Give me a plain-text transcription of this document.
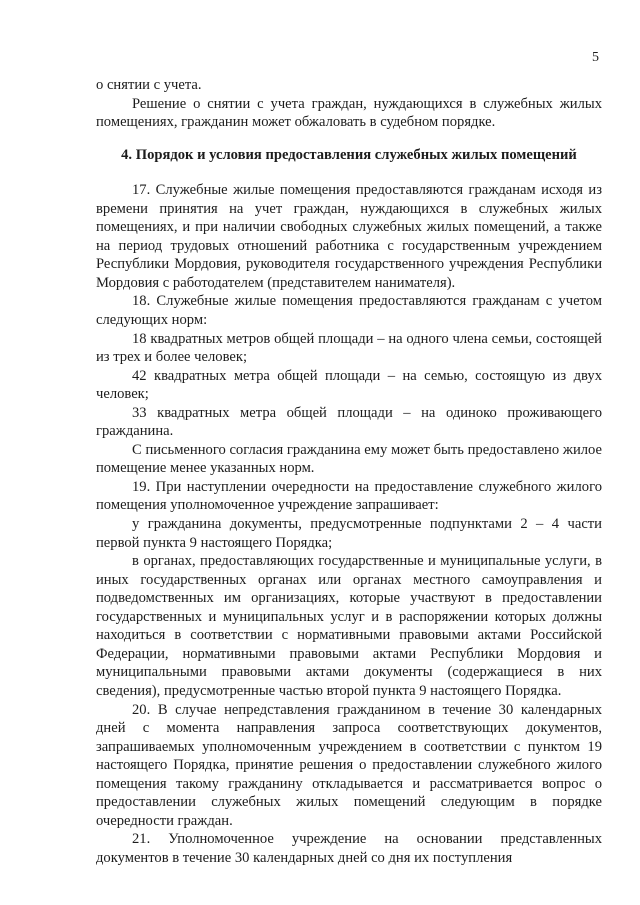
5

о снятии с учета.

Решение о снятии с учета граждан, нуждающихся в служебных жилых помещениях, гражданин может обжаловать в судебном порядке.

4. Порядок и условия предоставления служебных жилых помещений

17. Служебные жилые помещения предоставляются гражданам исходя из времени принятия на учет граждан, нуждающихся в служебных жилых помещениях, и при наличии свободных служебных жилых помещений, а также на период трудовых отношений работника с государственным учреждением Республики Мордовия, руководителя государственного учреждения Республики Мордовия с работодателем (представителем нанимателя).

18. Служебные жилые помещения предоставляются гражданам с учетом следующих норм:

18 квадратных метров общей площади – на одного члена семьи, состоящей из трех и более человек;

42 квадратных метра общей площади – на семью, состоящую из двух человек;

33 квадратных метра общей площади – на одиноко проживающего гражданина.

С письменного согласия гражданина ему может быть предоставлено жилое помещение менее указанных норм.

19. При наступлении очередности на предоставление служебного жилого помещения уполномоченное учреждение запрашивает:

у гражданина документы, предусмотренные подпунктами 2 – 4 части первой пункта 9 настоящего Порядка;

в органах, предоставляющих государственные и муниципальные услуги, в иных государственных органах или органах местного самоуправления и подведомственных им организациях, которые участвуют в предоставлении государственных и муниципальных услуг и в распоряжении которых должны находиться в соответствии с нормативными правовыми актами Российской Федерации, нормативными правовыми актами Республики Мордовия и муниципальными правовыми актами документы (содержащиеся в них сведения), предусмотренные частью второй пункта 9 настоящего Порядка.

20. В случае непредставления гражданином в течение 30 календарных дней с момента направления запроса соответствующих документов, запрашиваемых уполномоченным учреждением в соответствии с пунктом 19 настоящего Порядка, принятие решения о предоставлении служебного жилого помещения такому гражданину откладывается и рассматривается вопрос о предоставлении служебных жилых помещений следующим в порядке очередности граждан.

21. Уполномоченное учреждение на основании представленных документов в течение 30 календарных дней со дня их поступления
